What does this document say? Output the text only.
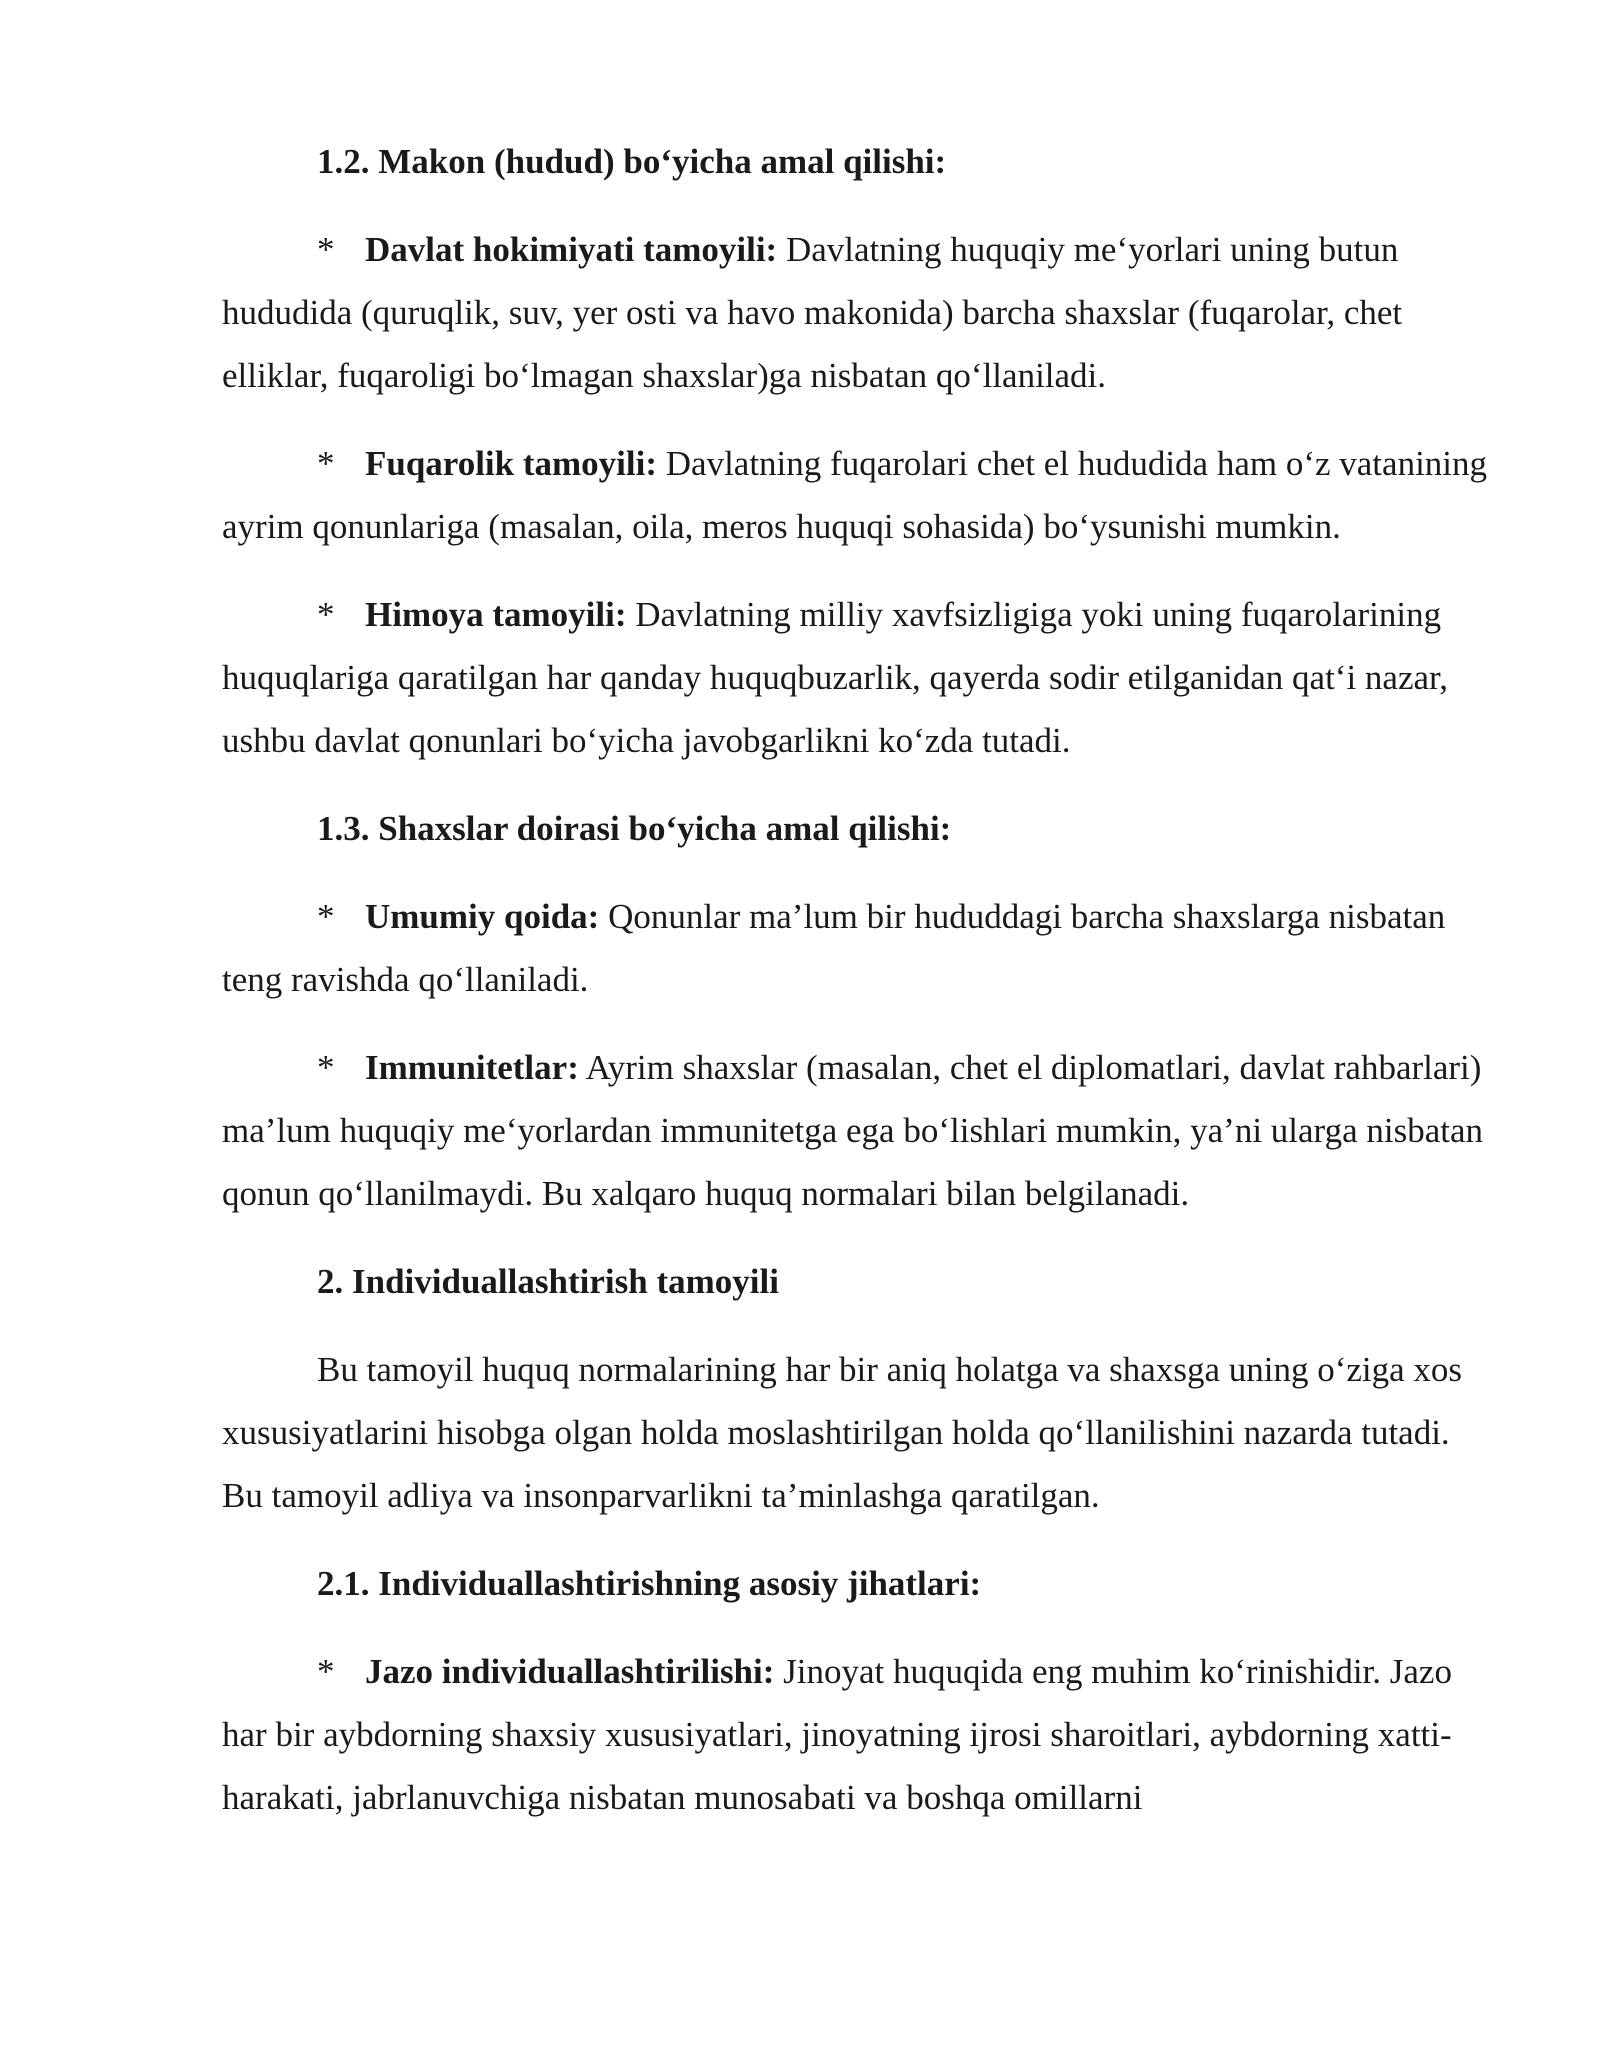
1.2. Makon (hudud) bo‘yicha amal qilishi:

* Davlat hokimiyati tamoyili: Davlatning huquqiy me‘yorlari uning butun hududida (quruqlik, suv, yer osti va havo makonida) barcha shaxslar (fuqarolar, chet elliklar, fuqaroligi bo‘lmagan shaxslar)ga nisbatan qo‘llaniladi.

* Fuqarolik tamoyili: Davlatning fuqarolari chet el hududida ham o‘z vatanining ayrim qonunlariga (masalan, oila, meros huquqi sohasida) bo‘ysunishi mumkin.

* Himoya tamoyili: Davlatning milliy xavfsizligiga yoki uning fuqarolarining huquqlariga qaratilgan har qanday huquqbuzarlik, qayerda sodir etilganidan qat‘i nazar, ushbu davlat qonunlari bo‘yicha javobgarlikni ko‘zda tutadi.

1.3. Shaxslar doirasi bo‘yicha amal qilishi:

* Umumiy qoida: Qonunlar ma’lum bir hududdagi barcha shaxslarga nisbatan teng ravishda qo‘llaniladi.

* Immunitetlar: Ayrim shaxslar (masalan, chet el diplomatlari, davlat rahbarlari) ma’lum huquqiy me‘yorlardan immunitetga ega bo‘lishlari mumkin, ya’ni ularga nisbatan qonun qo‘llanilmaydi. Bu xalqaro huquq normalari bilan belgilanadi.

2. Individuallashtirish tamoyili

Bu tamoyil huquq normalarining har bir aniq holatga va shaxsga uning o‘ziga xos xususiyatlarini hisobga olgan holda moslashtirilgan holda qo‘llanilishini nazarda tutadi. Bu tamoyil adliya va insonparvarlikni ta’minlashga qaratilgan.

2.1. Individuallashtirishning asosiy jihatlari:

* Jazo individuallashtirilishi: Jinoyat huquqida eng muhim ko‘rinishidir. Jazo har bir aybdorning shaxsiy xususiyatlari, jinoyatning ijrosi sharoitlari, aybdorning xatti-harakati, jabrlanuvchiga nisbatan munosabati va boshqa omillarni
